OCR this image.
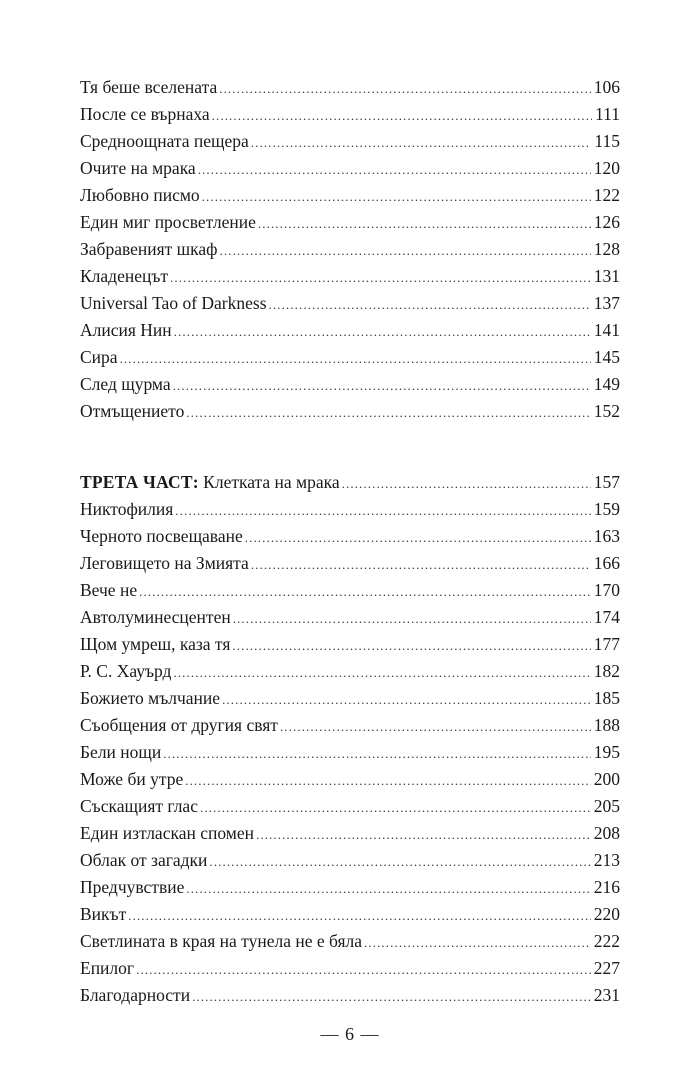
Тя беше вселената .....	106
После се върнаха .....	111
Средноощната пещера .....	115
Очите на мрака .....	120
Любовно писмо .....	122
Един миг просветление .....	126
Забравеният шкаф .....	128
Кладенецът .....	131
Universal Tao of Darkness .....	137
Алисия Нин .....	141
Сира .....	145
След щурма .....	149
Отмъщението .....	152
ТРЕТА ЧАСТ: Клетката на мрака .....	157
Никтофилия .....	159
Черното посвещаване .....	163
Леговището на Змията .....	166
Вече не .....	170
Автолуминесцентен .....	174
Щом умреш, каза тя .....	177
Р. С. Хауърд .....	182
Божието мълчание .....	185
Съобщения от другия свят .....	188
Бели нощи .....	195
Може би утре .....	200
Съскащият глас .....	205
Един изтласкан спомен .....	208
Облак от загадки .....	213
Предчувствие .....	216
Викът .....	220
Светлината в края на тунела не е бяла .....	222
Епилог .....	227
Благодарности .....	231
— 6 —
